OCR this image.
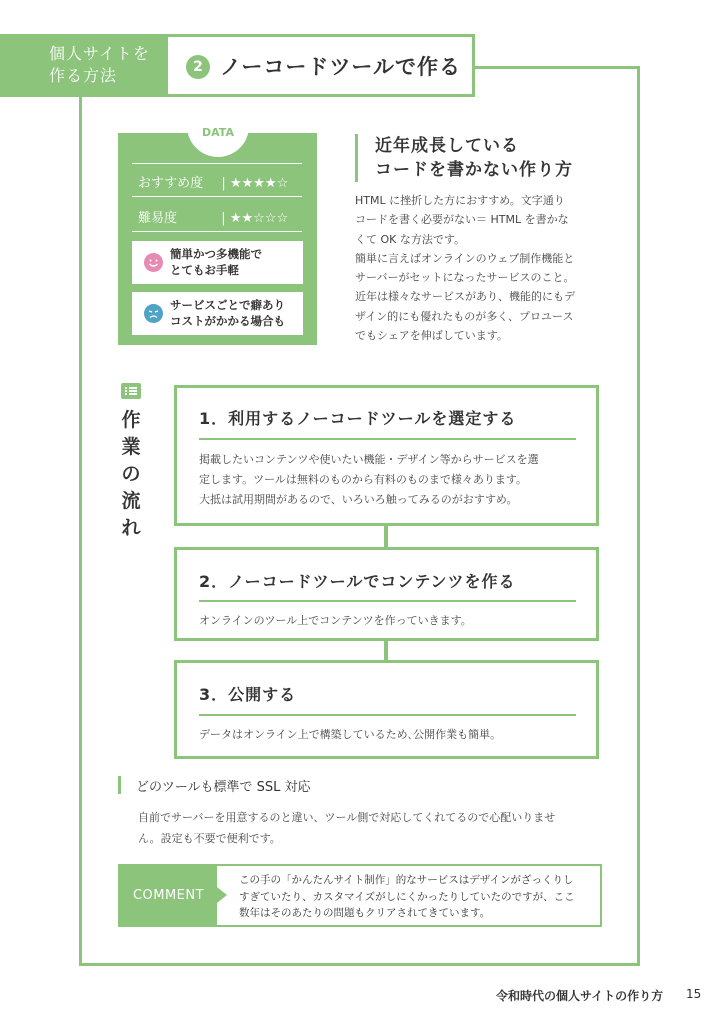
個人サイトを
作る方法	2 ノーコードツールで作る
DATA
おすすめ度 | ★★★★☆
難易度	| ★★☆☆☆
簡単かつ多機能で
とてもお手軽
サービスごとで癖あり
コストがかかる場合も
近年成長している
コードを書かない作り方
HTML に挫折した方におすすめ。文字通り
コードを書く必要がない＝ HTML を書かな
くて OK な方法です。
簡単に言えばオンラインのウェブ制作機能と
サーバーがセットになったサービスのこと。
近年は様々なサービスがあり、機能的にもデ
ザイン的にも優れたものが多く、プロユース
でもシェアを伸ばしています。
作業の流れ
1．利用するノーコードツールを選定する
掲載したいコンテンツや使いたい機能・デザイン等からサービスを選
定します。ツールは無料のものから有料のものまで様々あります。
大抵は試用期間があるので、いろいろ触ってみるのがおすすめ。
2．ノーコードツールでコンテンツを作る
オンラインのツール上でコンテンツを作っていきます。
3．公開する
データはオンライン上で構築しているため､公開作業も簡単。
どのツールも標準で SSL 対応
自前でサーバーを用意するのと違い、ツール側で対応してくれてるので心配いりませ
ん。設定も不要で便利です。
COMMENT
この手の「かんたんサイト制作」的なサービスはデザインがざっくりし
すぎていたり、カスタマイズがしにくかったりしていたのですが、ここ
数年はそのあたりの問題もクリアされてきています。
令和時代の個人サイトの作り方 15
